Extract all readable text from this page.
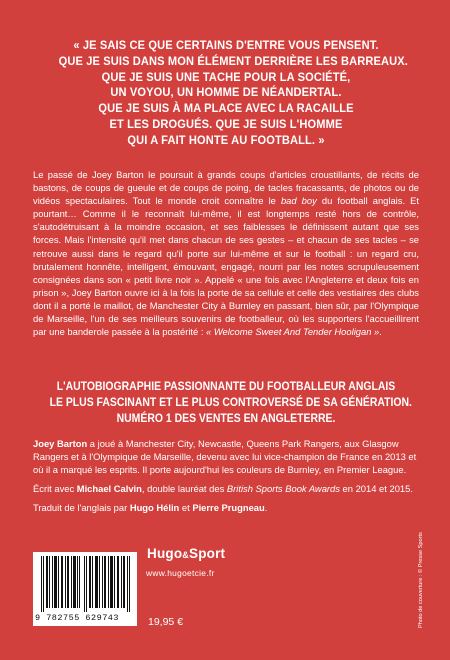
« JE SAIS CE QUE CERTAINS D'ENTRE VOUS PENSENT.
QUE JE SUIS DANS MON ÉLÉMENT DERRIÈRE LES BARREAUX.
QUE JE SUIS UNE TACHE POUR LA SOCIÉTÉ,
UN VOYOU, UN HOMME DE NÉANDERTAL.
QUE JE SUIS À MA PLACE AVEC LA RACAILLE
ET LES DROGUÉS. QUE JE SUIS L'HOMME
QUI A FAIT HONTE AU FOOTBALL. »
Le passé de Joey Barton le poursuit à grands coups d'articles croustillants, de récits de bastons, de coups de gueule et de coups de poing, de tacles fracassants, de photos ou de vidéos spectaculaires. Tout le monde croit connaître le bad boy du football anglais. Et pourtant… Comme il le reconnaît lui-même, il est longtemps resté hors de contrôle, s'autodétruisant à la moindre occasion, et ses faiblesses le définissent autant que ses forces. Mais l'intensité qu'il met dans chacun de ses gestes – et chacun de ses tacles – se retrouve aussi dans le regard qu'il porte sur lui-même et sur le football : un regard cru, brutalement honnête, intelligent, émouvant, engagé, nourri par les notes scrupuleusement consignées dans son « petit livre noir ». Appelé « une fois avec l'Angleterre et deux fois en prison », Joey Barton ouvre ici à la fois la porte de sa cellule et celle des vestiaires des clubs dont il a porté le maillot, de Manchester City à Burnley en passant, bien sûr, par l'Olympique de Marseille, l'un de ses meilleurs souvenirs de footballeur, où les supporters l'accueillirent par une banderole passée à la postérité : « Welcome Sweet And Tender Hooligan ».
L'AUTOBIOGRAPHIE PASSIONNANTE DU FOOTBALLEUR ANGLAIS
LE PLUS FASCINANT ET LE PLUS CONTROVERSÉ DE SA GÉNÉRATION.
NUMÉRO 1 DES VENTES EN ANGLETERRE.

Joey Barton a joué à Manchester City, Newcastle, Queens Park Rangers, aux Glasgow Rangers et à l'Olympique de Marseille, devenu avec lui vice-champion de France en 2013 et où il a marqué les esprits. Il porte aujourd'hui les couleurs de Burnley, en Premier League.

Écrit avec Michael Calvin, double lauréat des British Sports Book Awards en 2014 et 2015.

Traduit de l'anglais par Hugo Hélin et Pierre Prugneau.

9 782755 629743
Hugo&Sport
www.hugoetcie.fr
19,95 €	Photo de couverture : © Presse Sports
